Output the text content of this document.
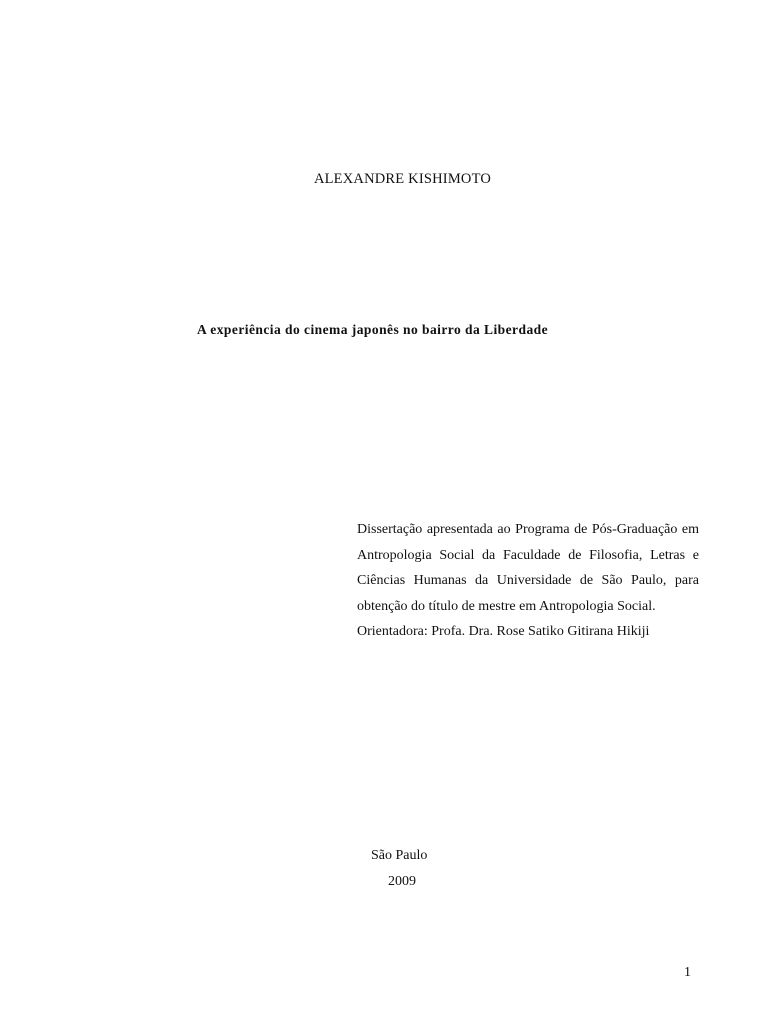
ALEXANDRE KISHIMOTO
A experiência do cinema japonês no bairro da Liberdade
Dissertação apresentada ao Programa de Pós-Graduação em Antropologia Social da Faculdade de Filosofia, Letras e Ciências Humanas da Universidade de São Paulo, para obtenção do título de mestre em Antropologia Social.
Orientadora: Profa. Dra. Rose Satiko Gitirana Hikiji
São Paulo
2009
1
